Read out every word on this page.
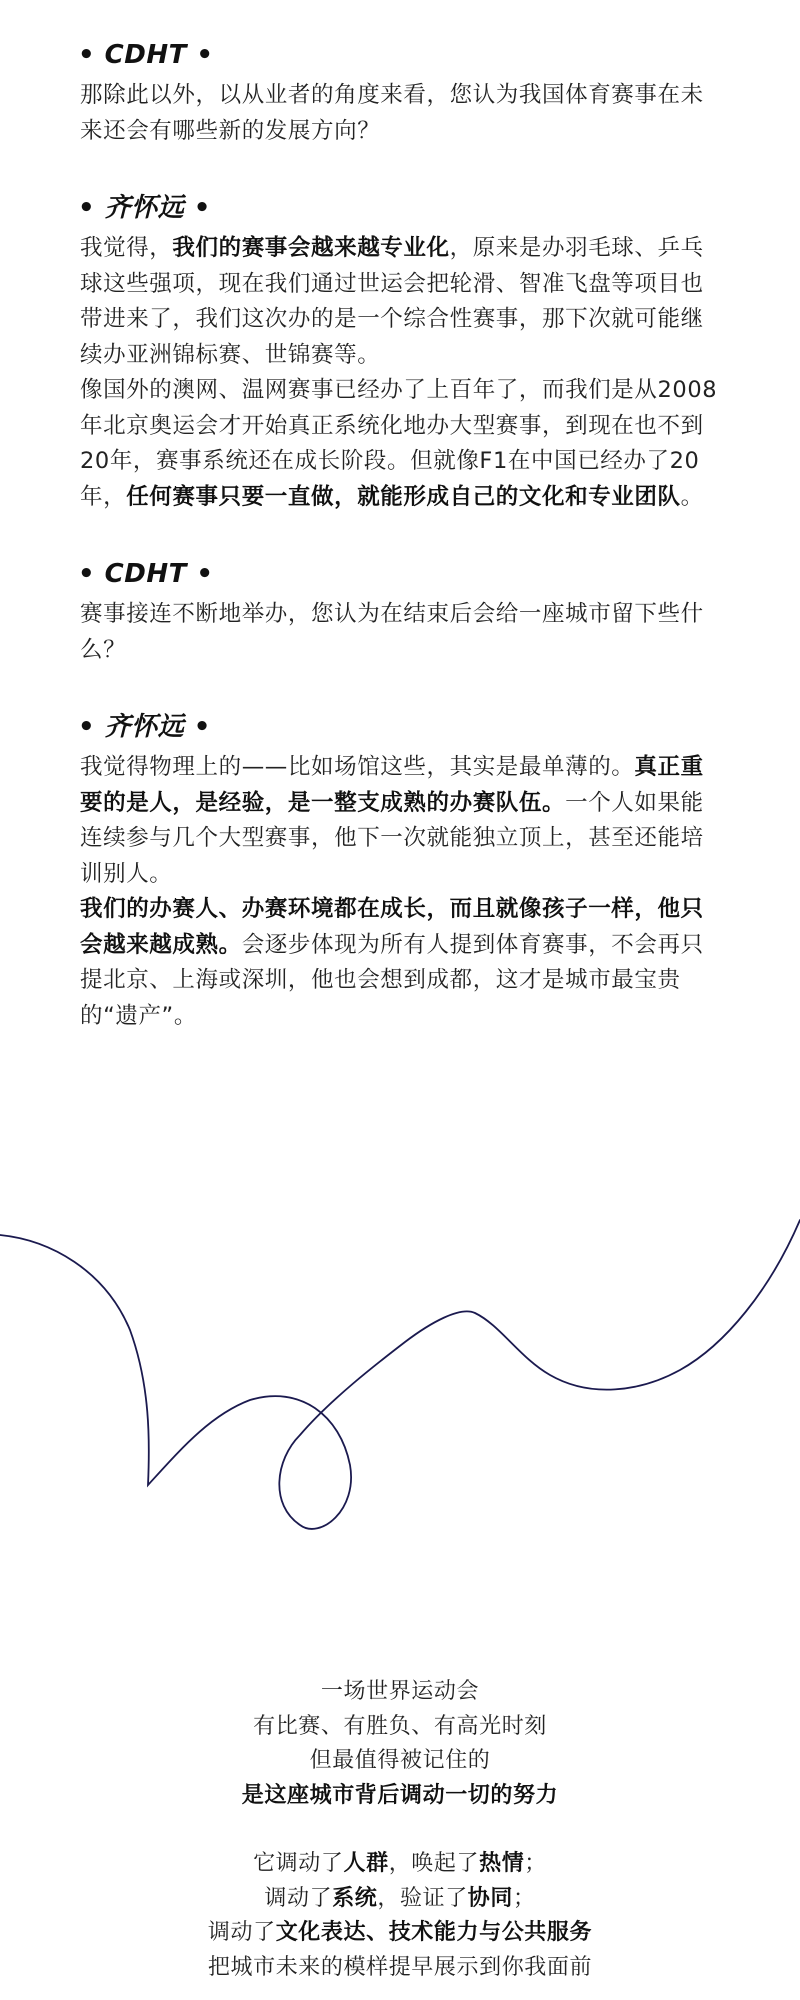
• CDHT •

那除此以外，以从业者的角度来看，您认为我国体育赛事在未来还会有哪些新的发展方向？

• 齐怀远 •

我觉得，我们的赛事会越来越专业化，原来是办羽毛球、乒乓球这些强项，现在我们通过世运会把轮滑、智准飞盘等项目也带进来了，我们这次办的是一个综合性赛事，那下次就可能继续办亚洲锦标赛、世锦赛等。

像国外的澳网、温网赛事已经办了上百年了，而我们是从2008年北京奥运会才开始真正系统化地办大型赛事，到现在也不到20年，赛事系统还在成长阶段。但就像F1在中国已经办了20年，任何赛事只要一直做，就能形成自己的文化和专业团队。

• CDHT •

赛事接连不断地举办，您认为在结束后会给一座城市留下些什么？

• 齐怀远 •

我觉得物理上的——比如场馆这些，其实是最单薄的。真正重要的是人，是经验，是一整支成熟的办赛队伍。一个人如果能连续参与几个大型赛事，他下一次就能独立顶上，甚至还能培训别人。

我们的办赛人、办赛环境都在成长，而且就像孩子一样，他只会越来越成熟。会逐步体现为所有人提到体育赛事，不会再只提北京、上海或深圳，他也会想到成都，这才是城市最宝贵的“遗产”。

一场世界运动会
有比赛、有胜负、有高光时刻
但最值得被记住的
是这座城市背后调动一切的努力
它调动了人群，唤起了热情；
调动了系统，验证了协同；
调动了文化表达、技术能力与公共服务
把城市未来的模样提早展示到你我面前
